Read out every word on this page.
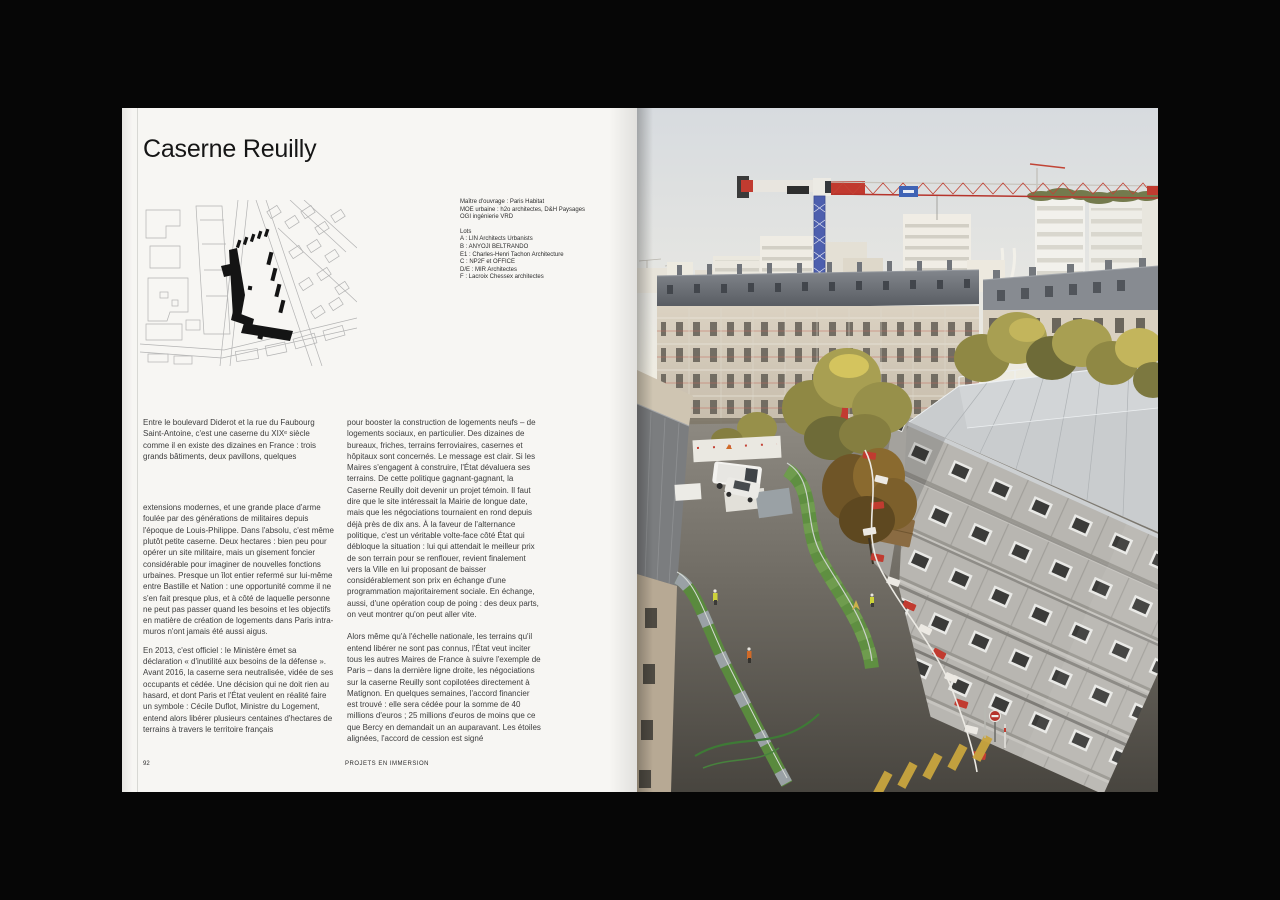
Caserne Reuilly
Maître d'ouvrage : Paris Habitat
MOE urbaine : h2o architectes, D&H Paysages
OGI ingénierie VRD
Lots
A : LIN Architects Urbanists
B : ANYOJI BELTRANDO
E1 : Charles-Henri Tachon Architecture
C : NP2F et OFFICE
D/E : MIR Architectes
F : Lacroix Chessex architectes

Entre le boulevard Diderot et la rue du Faubourg Saint-Antoine, c'est une caserne du XIXᵉ siècle comme il en existe des dizaines en France : trois grands bâtiments, deux pavillons, quelques

extensions modernes, et une grande place d'arme foulée par des générations de militaires depuis l'époque de Louis-Philippe. Dans l'absolu, c'est même plutôt petite caserne. Deux hectares : bien peu pour opérer un site militaire, mais un gisement foncier considérable pour imaginer de nouvelles fonctions urbaines. Presque un îlot entier refermé sur lui-même entre Bastille et Nation : une opportunité comme il ne s'en fait presque plus, et à côté de laquelle personne ne peut pas passer quand les besoins et les objectifs en matière de création de logements dans Paris intra-muros n'ont jamais été aussi aigus.

En 2013, c'est officiel : le Ministère émet sa déclaration « d'inutilité aux besoins de la défense ». Avant 2016, la caserne sera neutralisée, vidée de ses occupants et cédée. Une décision qui ne doit rien au hasard, et dont Paris et l'État veulent en réalité faire un symbole : Cécile Duflot, Ministre du Logement, entend alors libérer plusieurs centaines d'hectares de terrains à travers le territoire français

pour booster la construction de logements neufs – de logements sociaux, en particulier. Des dizaines de bureaux, friches, terrains ferroviaires, casernes et hôpitaux sont concernés. Le message est clair. Si les Maires s'engagent à construire, l'État dévaluera ses terrains. De cette politique gagnant-gagnant, la Caserne Reuilly doit devenir un projet témoin. Il faut dire que le site intéressait la Mairie de longue date, mais que les négociations tournaient en rond depuis déjà près de dix ans. À la faveur de l'alternance politique, c'est un véritable volte-face côté État qui débloque la situation : lui qui attendait le meilleur prix de son terrain pour se renflouer, revient finalement vers la Ville en lui proposant de baisser considérablement son prix en échange d'une programmation majoritairement sociale. En échange, aussi, d'une opération coup de poing : des deux parts, on veut montrer qu'on peut aller vite.

Alors même qu'à l'échelle nationale, les terrains qu'il entend libérer ne sont pas connus, l'État veut inciter tous les autres Maires de France à suivre l'exemple de Paris – dans la dernière ligne droite, les négociations sur la caserne Reuilly sont copilotées directement à Matignon. En quelques semaines, l'accord financier est trouvé : elle sera cédée pour la somme de 40 millions d'euros ; 25 millions d'euros de moins que ce que Bercy en demandait un an auparavant. Les étoiles alignées, l'accord de cession est signé

92	PROJETS EN IMMERSION
